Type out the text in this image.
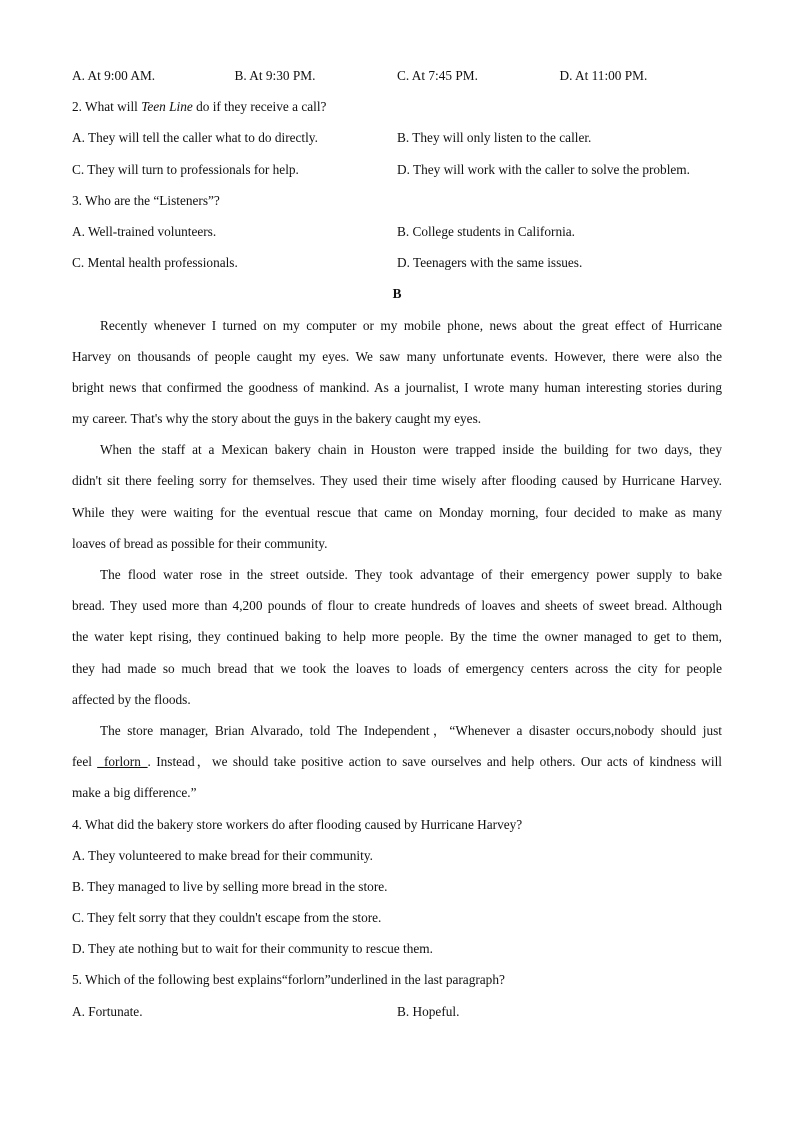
A. At 9:00 AM.	B. At 9:30 PM.	C. At 7:45 PM.	D. At 11:00 PM.
2. What will Teen Line do if they receive a call?
A. They will tell the caller what to do directly.	B. They will only listen to the caller.
C. They will turn to professionals for help.	D. They will work with the caller to solve the problem.
3. Who are the “Listeners”?
A. Well-trained volunteers.	B. College students in California.
C. Mental health professionals.	D. Teenagers with the same issues.
B
Recently whenever I turned on my computer or my mobile phone, news about the great effect of Hurricane
Harvey on thousands of people caught my eyes. We saw many unfortunate events. However, there were also the
bright news that confirmed the goodness of mankind. As a journalist, I wrote many human interesting stories during
my career. That's why the story about the guys in the bakery caught my eyes.
When the staff at a Mexican bakery chain in Houston were trapped inside the building for two days, they
didn't sit there feeling sorry for themselves. They used their time wisely after flooding caused by Hurricane Harvey.
While they were waiting for the eventual rescue that came on Monday morning, four decided to make as many
loaves of bread as possible for their community.
The flood water rose in the street outside. They took advantage of their emergency power supply to bake
bread. They used more than 4,200 pounds of flour to create hundreds of loaves and sheets of sweet bread. Although
the water kept rising, they continued baking to help more people. By the time the owner managed to get to them,
they had made so much bread that we took the loaves to loads of emergency centers across the city for people
affected by the floods.
The store manager, Brian Alvarado, told The Independent，“Whenever a disaster occurs,nobody should just
feel _forlorn_. Instead，we should take positive action to save ourselves and help others. Our acts of kindness will
make a big difference.”
4. What did the bakery store workers do after flooding caused by Hurricane Harvey?
A. They volunteered to make bread for their community.
B. They managed to live by selling more bread in the store.
C. They felt sorry that they couldn't escape from the store.
D. They ate nothing but to wait for their community to rescue them.
5. Which of the following best explains“forlorn”underlined in the last paragraph?
A. Fortunate.	B. Hopeful.
